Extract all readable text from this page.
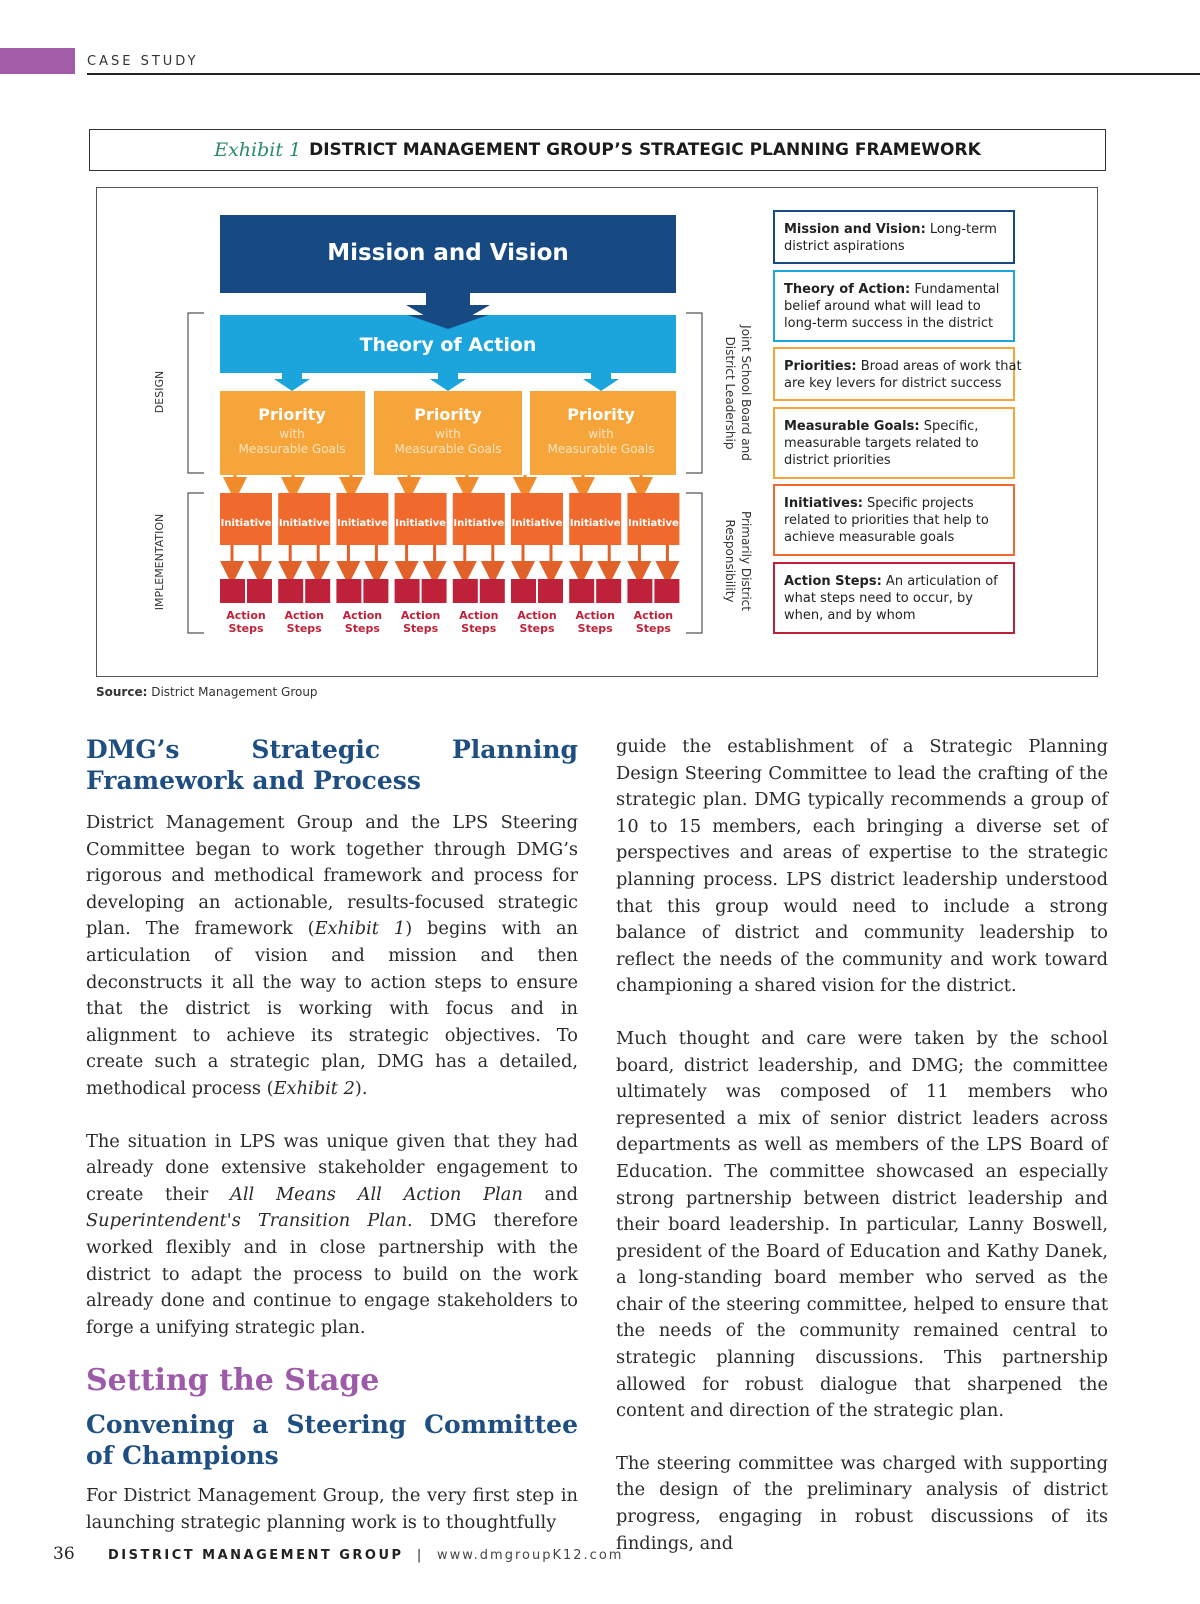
CASE STUDY
Exhibit 1 DISTRICT MANAGEMENT GROUP’S STRATEGIC PLANNING FRAMEWORK
Mission and Vision
Theory of Action
Priority
with
Measurable Goals
Priority
with
Measurable Goals
Priority
with
Measurable Goals
Initiative Initiative Initiative Initiative Initiative Initiative Initiative Initiative
Action
Steps
Action
Steps
Action
Steps
Action
Steps
Action
Steps
Action
Steps
Action
Steps
Action
Steps
DESIGN
IMPLEMENTATION
Joint School Board and
District Leadership
Primarily District
Responsibility
Mission and Vision: Long-term
district aspirations
Theory of Action: Fundamental
belief around what will lead to
long-term success in the district
Priorities: Broad areas of work that
are key levers for district success
Measurable Goals: Specific,
measurable targets related to
district priorities
Initiatives: Specific projects
related to priorities that help to
achieve measurable goals
Action Steps: An articulation of
what steps need to occur, by
when, and by whom
Source: District Management Group
DMG’s Strategic Planning Framework and Process

District Management Group and the LPS Steering Committee began to work together through DMG’s rigorous and methodical framework and process for developing an actionable, results-focused strategic plan. The framework (Exhibit 1) begins with an articulation of vision and mission and then deconstructs it all the way to action steps to ensure that the district is working with focus and in alignment to achieve its strategic objectives. To create such a strategic plan, DMG has a detailed, methodical process (Exhibit 2).

The situation in LPS was unique given that they had already done extensive stakeholder engagement to create their All Means All Action Plan and Superintendent's Transition Plan. DMG therefore worked flexibly and in close partnership with the district to adapt the process to build on the work already done and continue to engage stakeholders to forge a unifying strategic plan.

Setting the Stage
Convening a Steering Committee of Champions

For District Management Group, the very first step in launching strategic planning work is to thoughtfully

guide the establishment of a Strategic Planning Design Steering Committee to lead the crafting of the strategic plan. DMG typically recommends a group of 10 to 15 members, each bringing a diverse set of perspectives and areas of expertise to the strategic planning process. LPS district leadership understood that this group would need to include a strong balance of district and community leadership to reflect the needs of the community and work toward championing a shared vision for the district.

Much thought and care were taken by the school board, district leadership, and DMG; the committee ultimately was composed of 11 members who represented a mix of senior district leaders across departments as well as members of the LPS Board of Education. The committee showcased an especially strong partnership between district leadership and their board leadership. In particular, Lanny Boswell, president of the Board of Education and Kathy Danek, a long-standing board member who served as the chair of the steering committee, helped to ensure that the needs of the community remained central to strategic planning discussions. This partnership allowed for robust dialogue that sharpened the content and direction of the strategic plan.

The steering committee was charged with supporting the design of the preliminary analysis of district progress, engaging in robust discussions of its findings, and

36	DISTRICT MANAGEMENT GROUP | www.dmgroupK12.com
